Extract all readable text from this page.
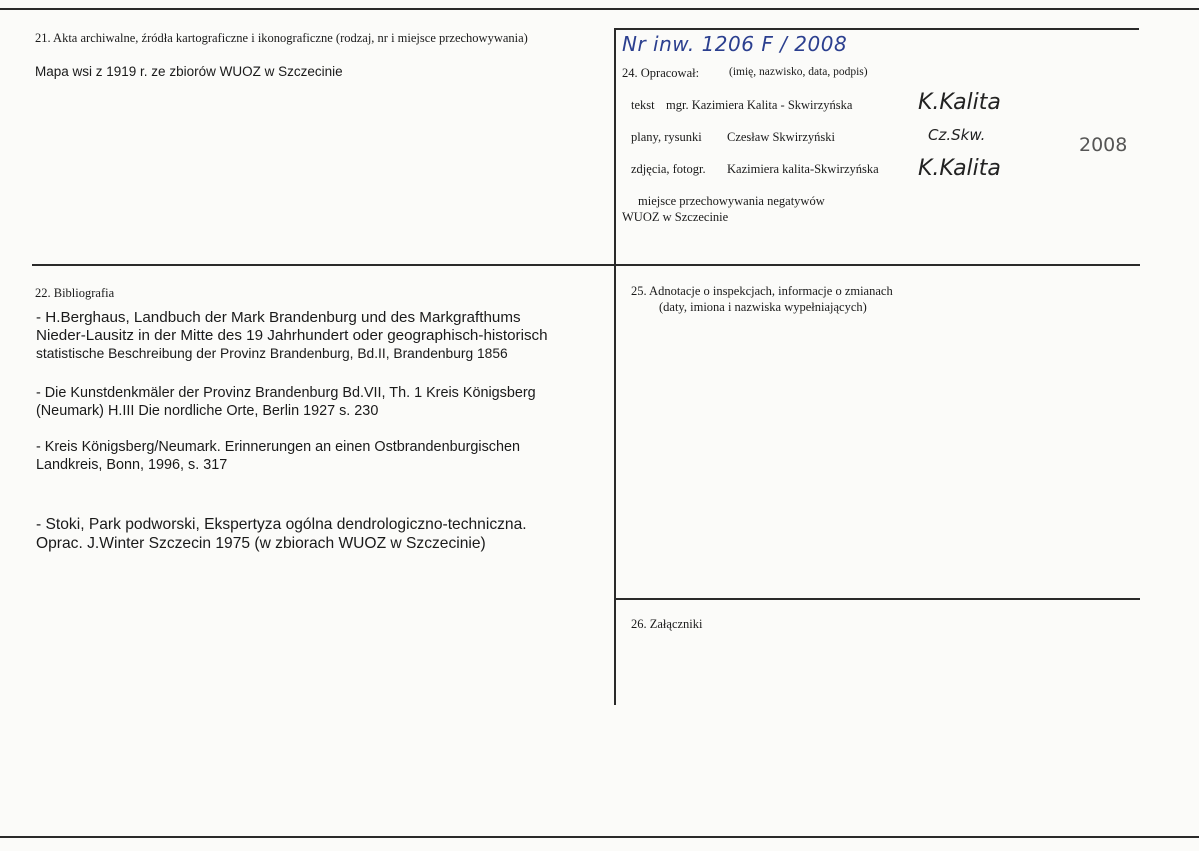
21. Akta archiwalne, źródła kartograficzne i ikonograficzne (rodzaj, nr i miejsce przechowywania)
Mapa wsi z 1919 r. ze zbiorów WUOZ w Szczecinie
Nr inw. 1206 F / 2008
24. Opracował:	(imię, nazwisko, data, podpis)
tekst mgr. Kazimiera Kalita - Skwirzyńska	K.Kalita
plany, rysunki Czesław Skwirzyński	Cz.Skw.	2008
zdjęcia, fotogr. Kazimiera kalita-Skwirzyńska K.Kalita
miejsce przechowywania negatywów
WUOZ w Szczecinie
22. Bibliografia
- H.Berghaus, Landbuch der Mark Brandenburg und des Markgrafthums
Nieder-Lausitz in der Mitte des 19 Jahrhundert oder geographisch-historisch
statistische Beschreibung der Provinz Brandenburg, Bd.II, Brandenburg 1856
- Die Kunstdenkmäler der Provinz Brandenburg Bd.VII, Th. 1 Kreis Königsberg
(Neumark) H.III Die nordliche Orte, Berlin 1927 s. 230
- Kreis Königsberg/Neumark. Erinnerungen an einen Ostbrandenburgischen
Landkreis, Bonn, 1996, s. 317
- Stoki, Park podworski, Ekspertyza ogólna dendrologiczno-techniczna.
Oprac. J.Winter Szczecin 1975 (w zbiorach WUOZ w Szczecinie)
25. Adnotacje o inspekcjach, informacje o zmianach
(daty, imiona i nazwiska wypełniających)
26. Załączniki
